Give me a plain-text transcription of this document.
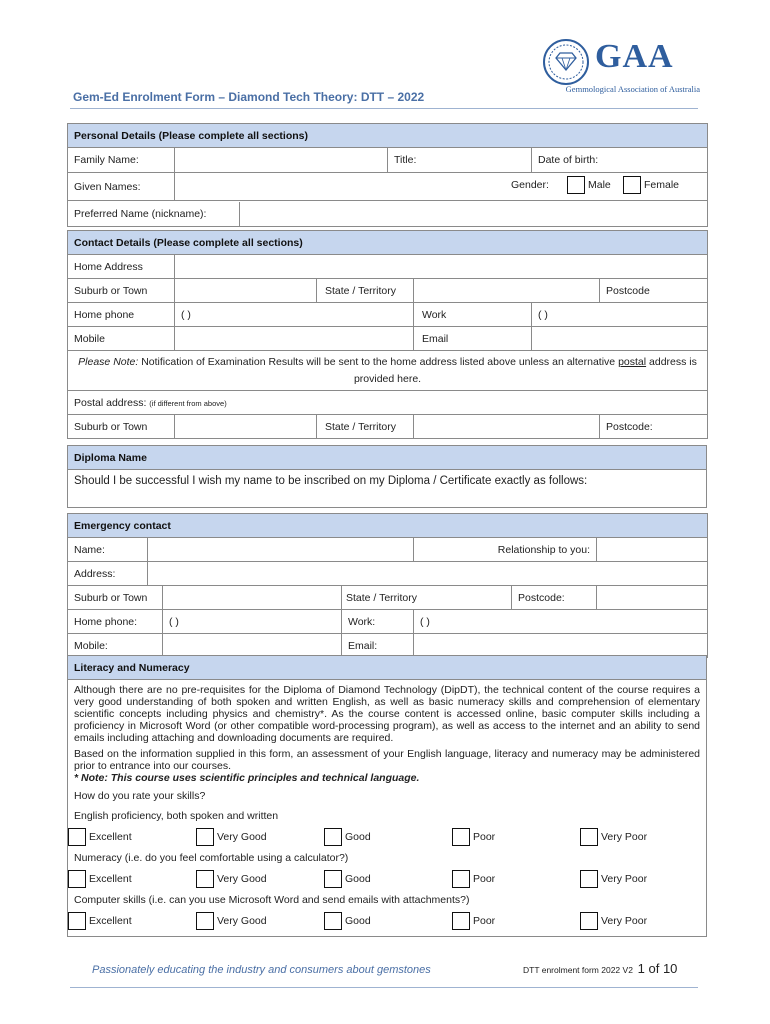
Gem-Ed Enrolment Form – Diamond Tech Theory: DTT – 2022
GAA
Gemmological Association of Australia
Personal Details (Please complete all sections)
Family Name:		Title:	Date of birth:
Given Names:	Gender:	Male	Female

Preferred Name (nickname):	

Contact Details (Please complete all sections)
Home Address	
Suburb or Town		State / Territory			Postcode

Home phone	( )	Work	( )
Mobile		Email	
Please Note: Notification of Examination Results will be sent to the home address listed above unless an alternative postal address is provided here.
Postal address: (if different from above)
Suburb or Town		State / Territory		Postcode:
Diploma Name
Should I be successful I wish my name to be inscribed on my Diploma / Certificate exactly as follows:
Emergency contact						
Name:				Relationship to you:		
Address:						
Suburb or Town			State / Territory		Postcode:	
Home phone:		( )	Work:	( )		
Mobile:			Email:			
Literacy and Numeracy

Although there are no pre-requisites for the Diploma of Diamond Technology (DipDT), the technical content of the course requires a very good understanding of both spoken and written English, as well as basic numeracy skills and comprehension of elementary scientific concepts including physics and chemistry*. As the course content is accessed online, basic computer skills including a proficiency in Microsoft Word (or other compatible word-processing program), as well as access to the internet and an ability to send emails including attaching and downloading documents are required.

Based on the information supplied in this form, an assessment of your English language, literacy and numeracy may be administered prior to entrance into our courses.

* Note: This course uses scientific principles and technical language.

How do you rate your skills?

English proficiency, both spoken and written

Excellent	Very Good	Good	Poor	Very Poor

Numeracy (i.e. do you feel comfortable using a calculator?)

Excellent	Very Good	Good	Poor	Very Poor

Computer skills (i.e. can you use Microsoft Word and send emails with attachments?)

Excellent	Very Good	Good	Poor	Very Poor
Passionately educating the industry and consumers about gemstones	DTT enrolment form 2022 V2 1 of 10
